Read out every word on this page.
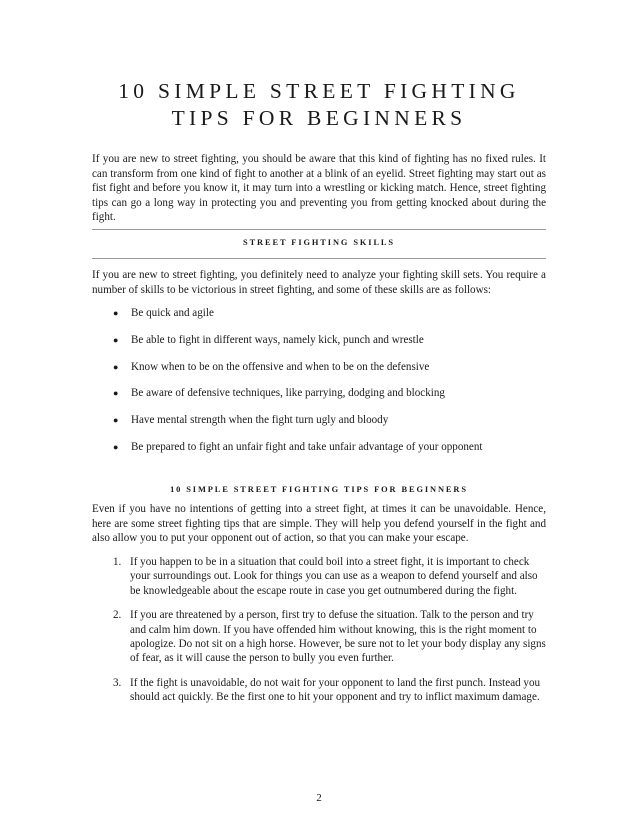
10 SIMPLE STREET FIGHTING
TIPS FOR BEGINNERS

If you are new to street fighting, you should be aware that this kind of fighting has no fixed rules. It can transform from one kind of fight to another at a blink of an eyelid. Street fighting may start out as fist fight and before you know it, it may turn into a wrestling or kicking match. Hence, street fighting tips can go a long way in protecting you and preventing you from getting knocked about during the fight.

STREET FIGHTING SKILLS

If you are new to street fighting, you definitely need to analyze your fighting skill sets. You require a number of skills to be victorious in street fighting, and some of these skills are as follows:

● Be quick and agile
● Be able to fight in different ways, namely kick, punch and wrestle
● Know when to be on the offensive and when to be on the defensive
● Be aware of defensive techniques, like parrying, dodging and blocking
● Have mental strength when the fight turn ugly and bloody
● Be prepared to fight an unfair fight and take unfair advantage of your opponent
10 SIMPLE STREET FIGHTING TIPS FOR BEGINNERS

Even if you have no intentions of getting into a street fight, at times it can be unavoidable. Hence, here are some street fighting tips that are simple. They will help you defend yourself in the fight and also allow you to put your opponent out of action, so that you can make your escape.

1. If you happen to be in a situation that could boil into a street fight, it is important to check your surroundings out. Look for things you can use as a weapon to defend yourself and also be knowledgeable about the escape route in case you get outnumbered during the fight.
2. If you are threatened by a person, first try to defuse the situation. Talk to the person and try and calm him down. If you have offended him without knowing, this is the right moment to apologize. Do not sit on a high horse. However, be sure not to let your body display any signs of fear, as it will cause the person to bully you even further.
3. If the fight is unavoidable, do not wait for your opponent to land the first punch. Instead you should act quickly. Be the first one to hit your opponent and try to inflict maximum damage.

2
